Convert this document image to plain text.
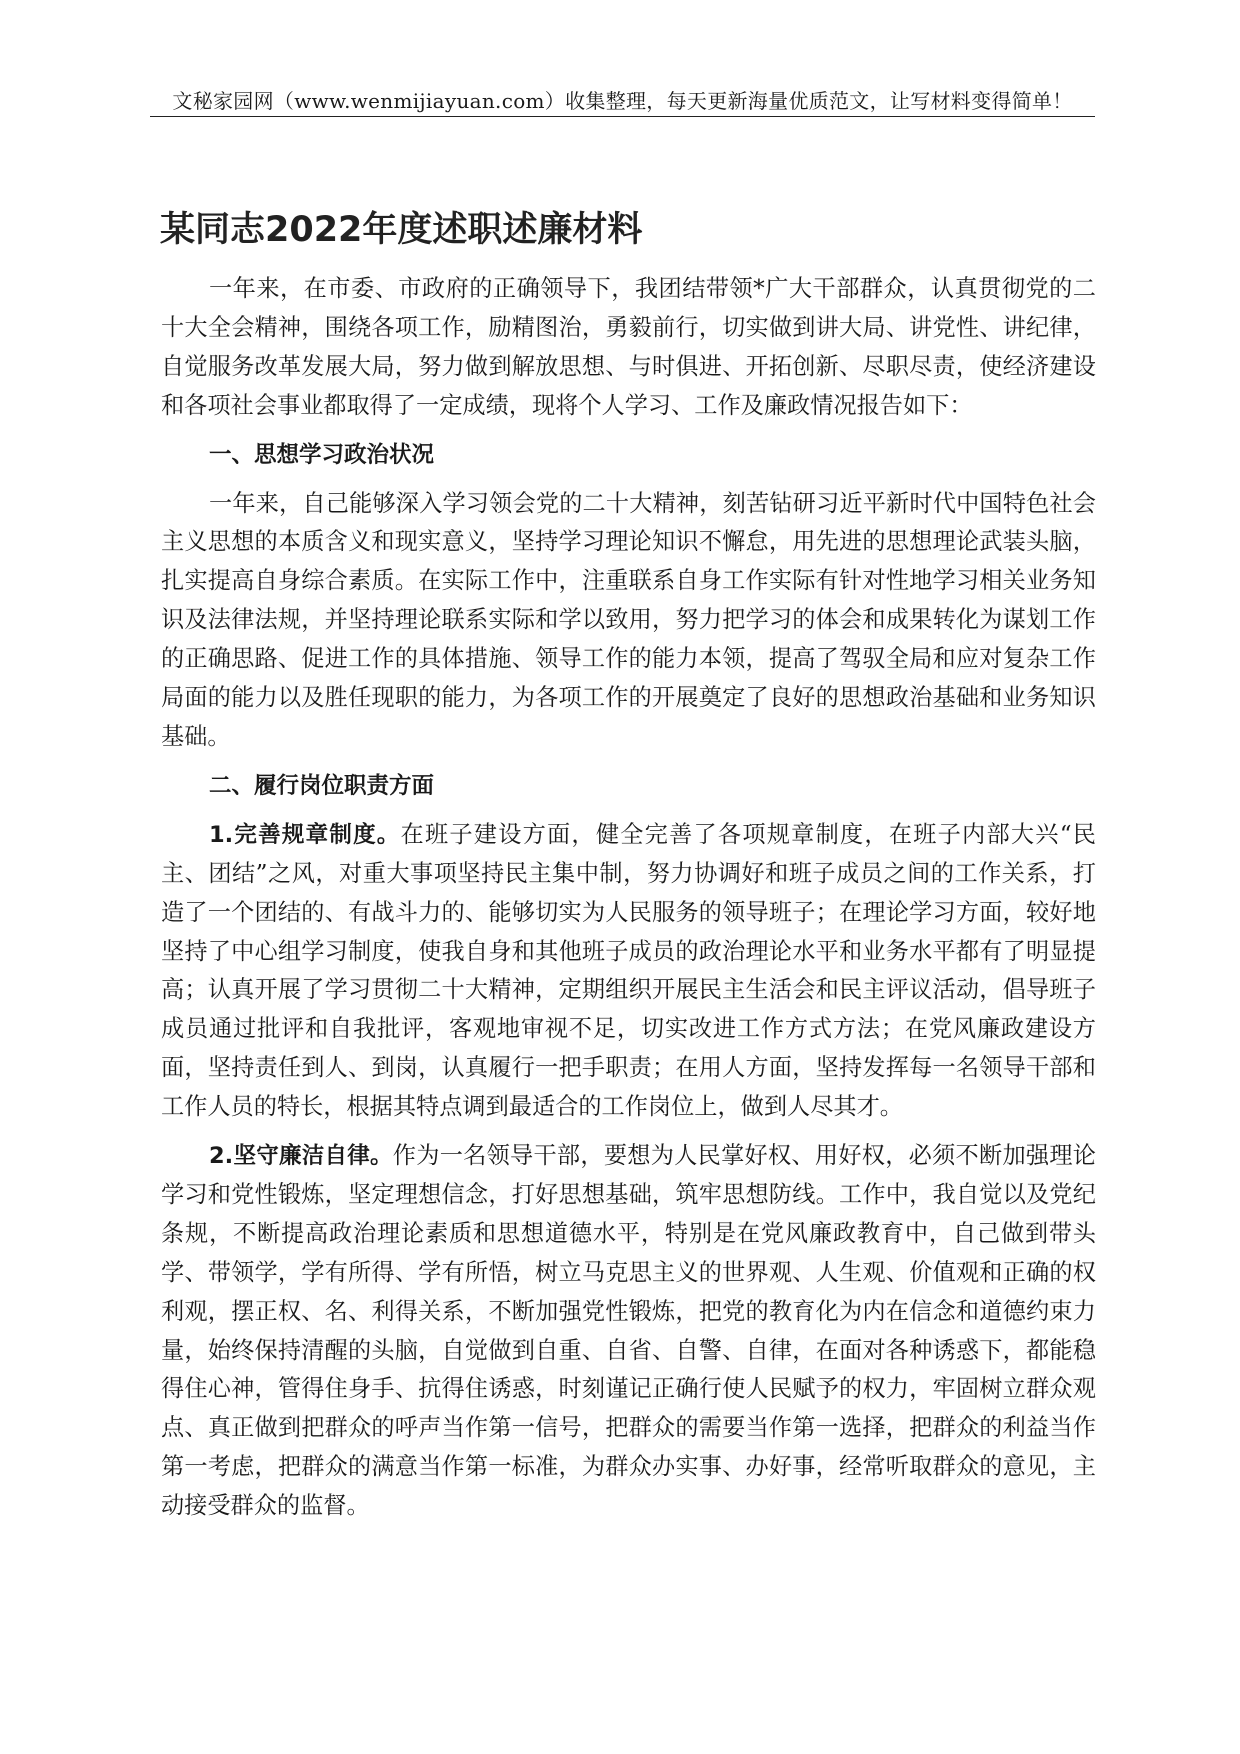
文秘家园网（www.wenmijiayuan.com）收集整理，每天更新海量优质范文，让写材料变得简单！
某同志2022年度述职述廉材料

一年来，在市委、市政府的正确领导下，我团结带领*广大干部群众，认真贯彻党的二十大全会精神，围绕各项工作，励精图治，勇毅前行，切实做到讲大局、讲党性、讲纪律，自觉服务改革发展大局，努力做到解放思想、与时俱进、开拓创新、尽职尽责，使经济建设和各项社会事业都取得了一定成绩，现将个人学习、工作及廉政情况报告如下：

一、思想学习政治状况

一年来，自己能够深入学习领会党的二十大精神，刻苦钻研习近平新时代中国特色社会主义思想的本质含义和现实意义，坚持学习理论知识不懈怠，用先进的思想理论武装头脑，扎实提高自身综合素质。在实际工作中，注重联系自身工作实际有针对性地学习相关业务知识及法律法规，并坚持理论联系实际和学以致用，努力把学习的体会和成果转化为谋划工作的正确思路、促进工作的具体措施、领导工作的能力本领，提高了驾驭全局和应对复杂工作局面的能力以及胜任现职的能力，为各项工作的开展奠定了良好的思想政治基础和业务知识基础。

二、履行岗位职责方面

1.完善规章制度。在班子建设方面，健全完善了各项规章制度，在班子内部大兴“民主、团结”之风，对重大事项坚持民主集中制，努力协调好和班子成员之间的工作关系，打造了一个团结的、有战斗力的、能够切实为人民服务的领导班子；在理论学习方面，较好地坚持了中心组学习制度，使我自身和其他班子成员的政治理论水平和业务水平都有了明显提高；认真开展了学习贯彻二十大精神，定期组织开展民主生活会和民主评议活动，倡导班子成员通过批评和自我批评，客观地审视不足，切实改进工作方式方法；在党风廉政建设方面，坚持责任到人、到岗，认真履行一把手职责；在用人方面，坚持发挥每一名领导干部和工作人员的特长，根据其特点调到最适合的工作岗位上，做到人尽其才。

2.坚守廉洁自律。作为一名领导干部，要想为人民掌好权、用好权，必须不断加强理论学习和党性锻炼，坚定理想信念，打好思想基础，筑牢思想防线。工作中，我自觉以及党纪条规，不断提高政治理论素质和思想道德水平，特别是在党风廉政教育中，自己做到带头学、带领学，学有所得、学有所悟，树立马克思主义的世界观、人生观、价值观和正确的权利观，摆正权、名、利得关系，不断加强党性锻炼，把党的教育化为内在信念和道德约束力量，始终保持清醒的头脑，自觉做到自重、自省、自警、自律，在面对各种诱惑下，都能稳得住心神，管得住身手、抗得住诱惑，时刻谨记正确行使人民赋予的权力，牢固树立群众观点、真正做到把群众的呼声当作第一信号，把群众的需要当作第一选择，把群众的利益当作第一考虑，把群众的满意当作第一标准，为群众办实事、办好事，经常听取群众的意见，主动接受群众的监督。
